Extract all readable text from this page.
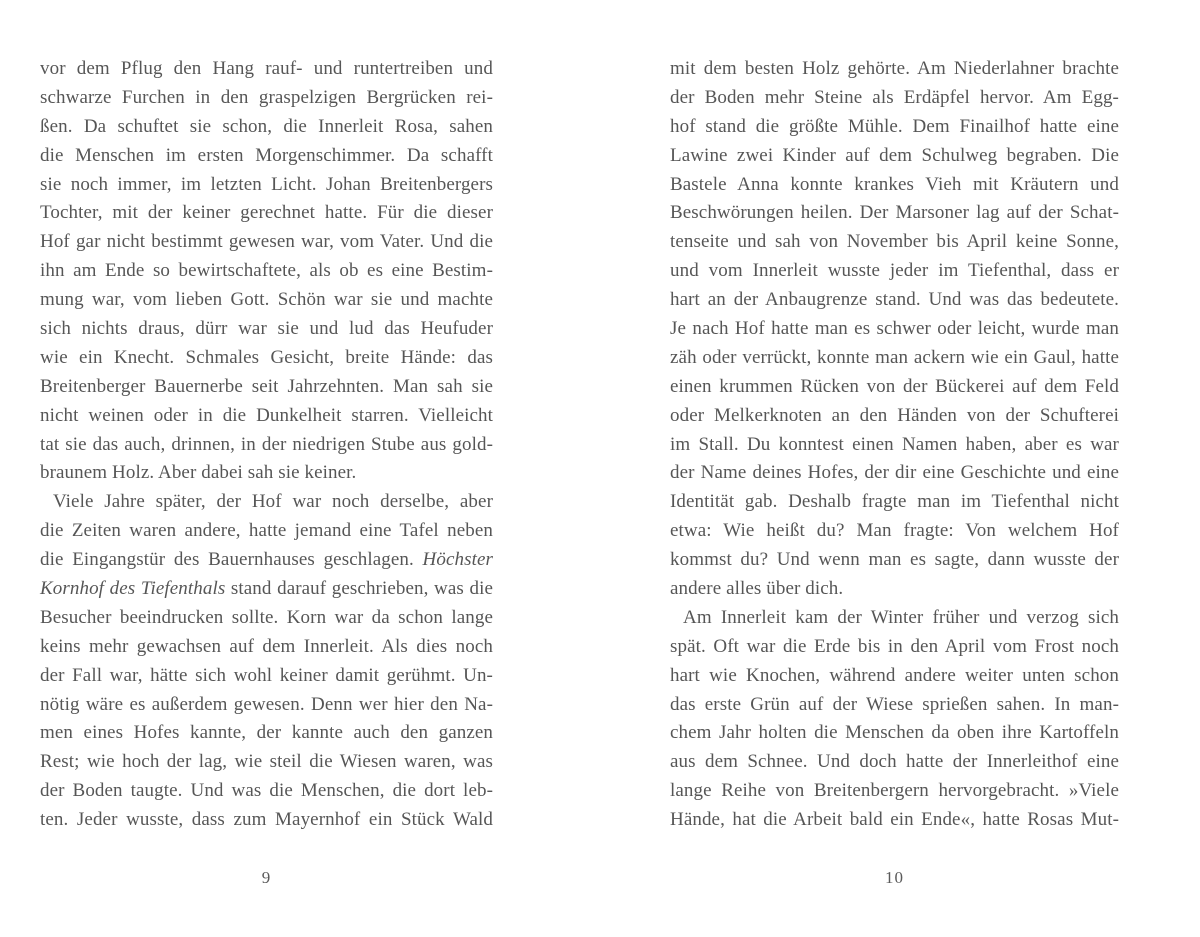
vor dem Pflug den Hang rauf- und runtertreiben und
schwarze Furchen in den graspelzigen Bergrücken rei-
ßen. Da schuftet sie schon, die Innerleit Rosa, sahen
die Menschen im ersten Morgenschimmer. Da schafft
sie noch immer, im letzten Licht. Johan Breitenbergers
Tochter, mit der keiner gerechnet hatte. Für die dieser
Hof gar nicht bestimmt gewesen war, vom Vater. Und die
ihn am Ende so bewirtschaftete, als ob es eine Bestim-
mung war, vom lieben Gott. Schön war sie und machte
sich nichts draus, dürr war sie und lud das Heufuder
wie ein Knecht. Schmales Gesicht, breite Hände: das
Breitenberger Bauernerbe seit Jahrzehnten. Man sah sie
nicht weinen oder in die Dunkelheit starren. Vielleicht
tat sie das auch, drinnen, in der niedrigen Stube aus gold-
braunem Holz. Aber dabei sah sie keiner.
Viele Jahre später, der Hof war noch derselbe, aber
die Zeiten waren andere, hatte jemand eine Tafel neben
die Eingangstür des Bauernhauses geschlagen. Höchster
Kornhof des Tiefenthals stand darauf geschrieben, was die
Besucher beeindrucken sollte. Korn war da schon lange
keins mehr gewachsen auf dem Innerleit. Als dies noch
der Fall war, hätte sich wohl keiner damit gerühmt. Un-
nötig wäre es außerdem gewesen. Denn wer hier den Na-
men eines Hofes kannte, der kannte auch den ganzen
Rest; wie hoch der lag, wie steil die Wiesen waren, was
der Boden taugte. Und was die Menschen, die dort leb-
ten. Jeder wusste, dass zum Mayernhof ein Stück Wald
mit dem besten Holz gehörte. Am Niederlahner brachte
der Boden mehr Steine als Erdäpfel hervor. Am Egg-
hof stand die größte Mühle. Dem Finailhof hatte eine
Lawine zwei Kinder auf dem Schulweg begraben. Die
Bastele Anna konnte krankes Vieh mit Kräutern und
Beschwörungen heilen. Der Marsoner lag auf der Schat-
tenseite und sah von November bis April keine Sonne,
und vom Innerleit wusste jeder im Tiefenthal, dass er
hart an der Anbaugrenze stand. Und was das bedeutete.
Je nach Hof hatte man es schwer oder leicht, wurde man
zäh oder verrückt, konnte man ackern wie ein Gaul, hatte
einen krummen Rücken von der Bückerei auf dem Feld
oder Melkerknoten an den Händen von der Schufterei
im Stall. Du konntest einen Namen haben, aber es war
der Name deines Hofes, der dir eine Geschichte und eine
Identität gab. Deshalb fragte man im Tiefenthal nicht
etwa: Wie heißt du? Man fragte: Von welchem Hof
kommst du? Und wenn man es sagte, dann wusste der
andere alles über dich.
Am Innerleit kam der Winter früher und verzog sich
spät. Oft war die Erde bis in den April vom Frost noch
hart wie Knochen, während andere weiter unten schon
das erste Grün auf der Wiese sprießen sahen. In man-
chem Jahr holten die Menschen da oben ihre Kartoffeln
aus dem Schnee. Und doch hatte der Innerleithof eine
lange Reihe von Breitenbergern hervorgebracht. »Viele
Hände, hat die Arbeit bald ein Ende«, hatte Rosas Mut-
9	10
